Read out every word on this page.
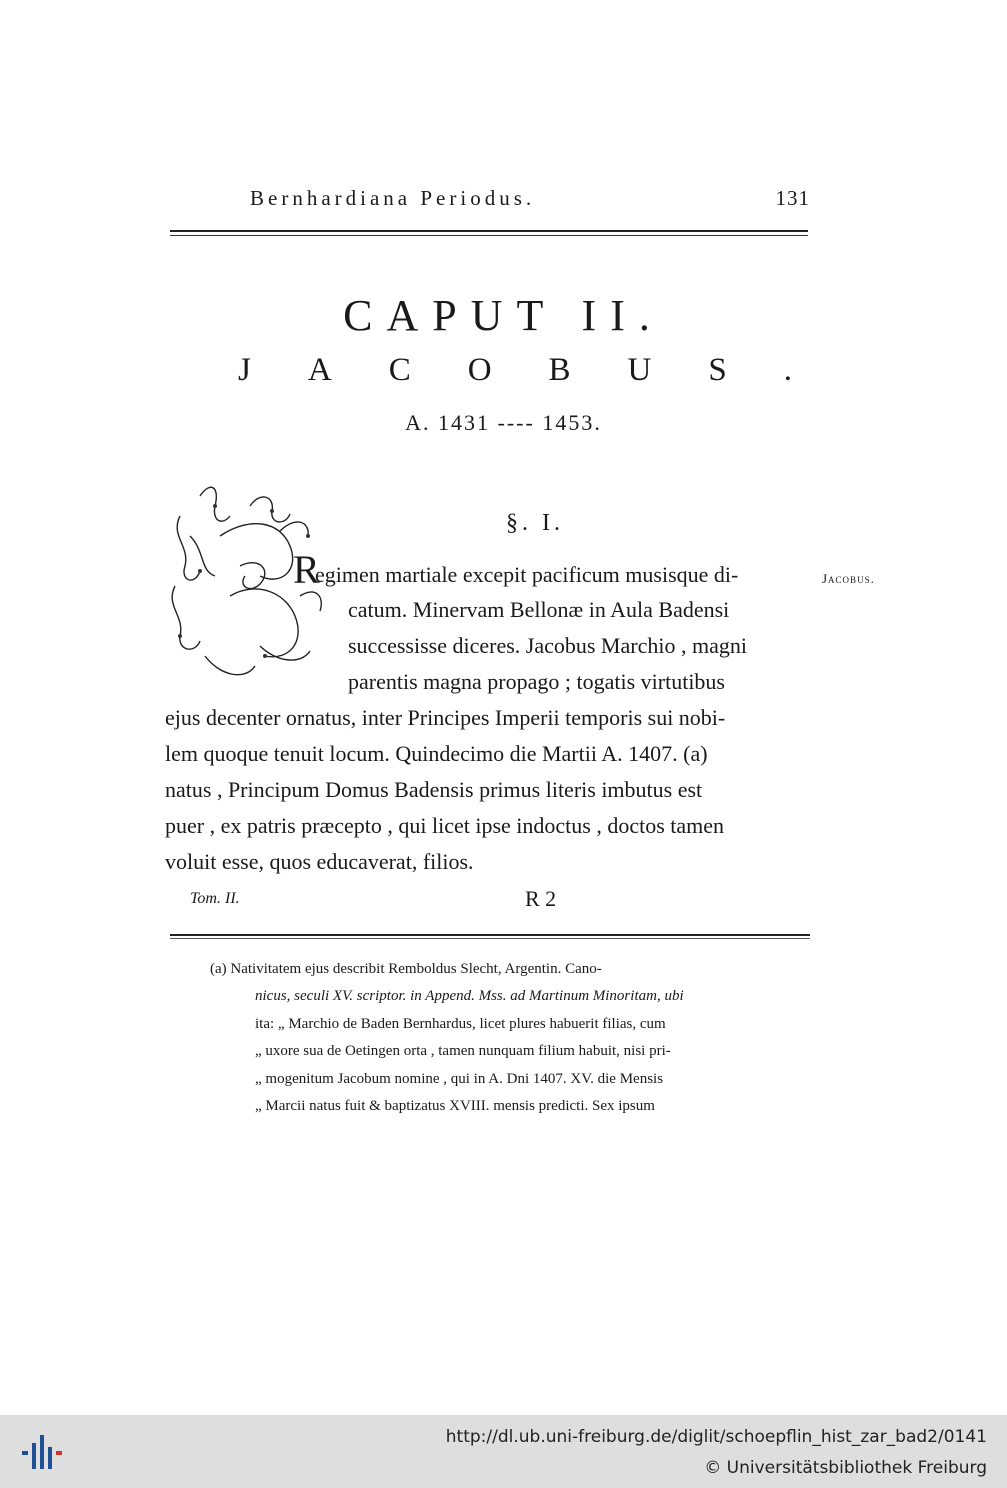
Bernhardiana Periodus.	131
CAPUT II.
JACOBUS.
A. 1431 ---- 1453.
§. I.
R	Jacobus.
egimen martiale excepit pacificum musisque di-
catum. Minervam Bellonæ in Aula Badensi
successisse diceres. Jacobus Marchio , magni
parentis magna propago ; togatis virtutibus
ejus decenter ornatus, inter Principes Imperii temporis sui nobi-
lem quoque tenuit locum. Quindecimo die Martii A. 1407. (a)
natus , Principum Domus Badensis primus literis imbutus est
puer , ex patris præcepto , qui licet ipse indoctus , doctos tamen
voluit esse, quos educaverat, filios.
Tom. II.	R 2
(a) Nativitatem ejus describit Remboldus Slecht, Argentin. Cano-
nicus, seculi XV. scriptor. in Append. Mss. ad Martinum Minoritam, ubi
ita: „ Marchio de Baden Bernhardus, licet plures habuerit filias, cum
„ uxore sua de Oetingen orta , tamen nunquam filium habuit, nisi pri-
„ mogenitum Jacobum nomine , qui in A. Dni 1407. XV. die Mensis
„ Marcii natus fuit & baptizatus XVIII. mensis predicti. Sex ipsum
http://dl.ub.uni-freiburg.de/diglit/schoepflin_hist_zar_bad2/0141
© Universitätsbibliothek Freiburg
